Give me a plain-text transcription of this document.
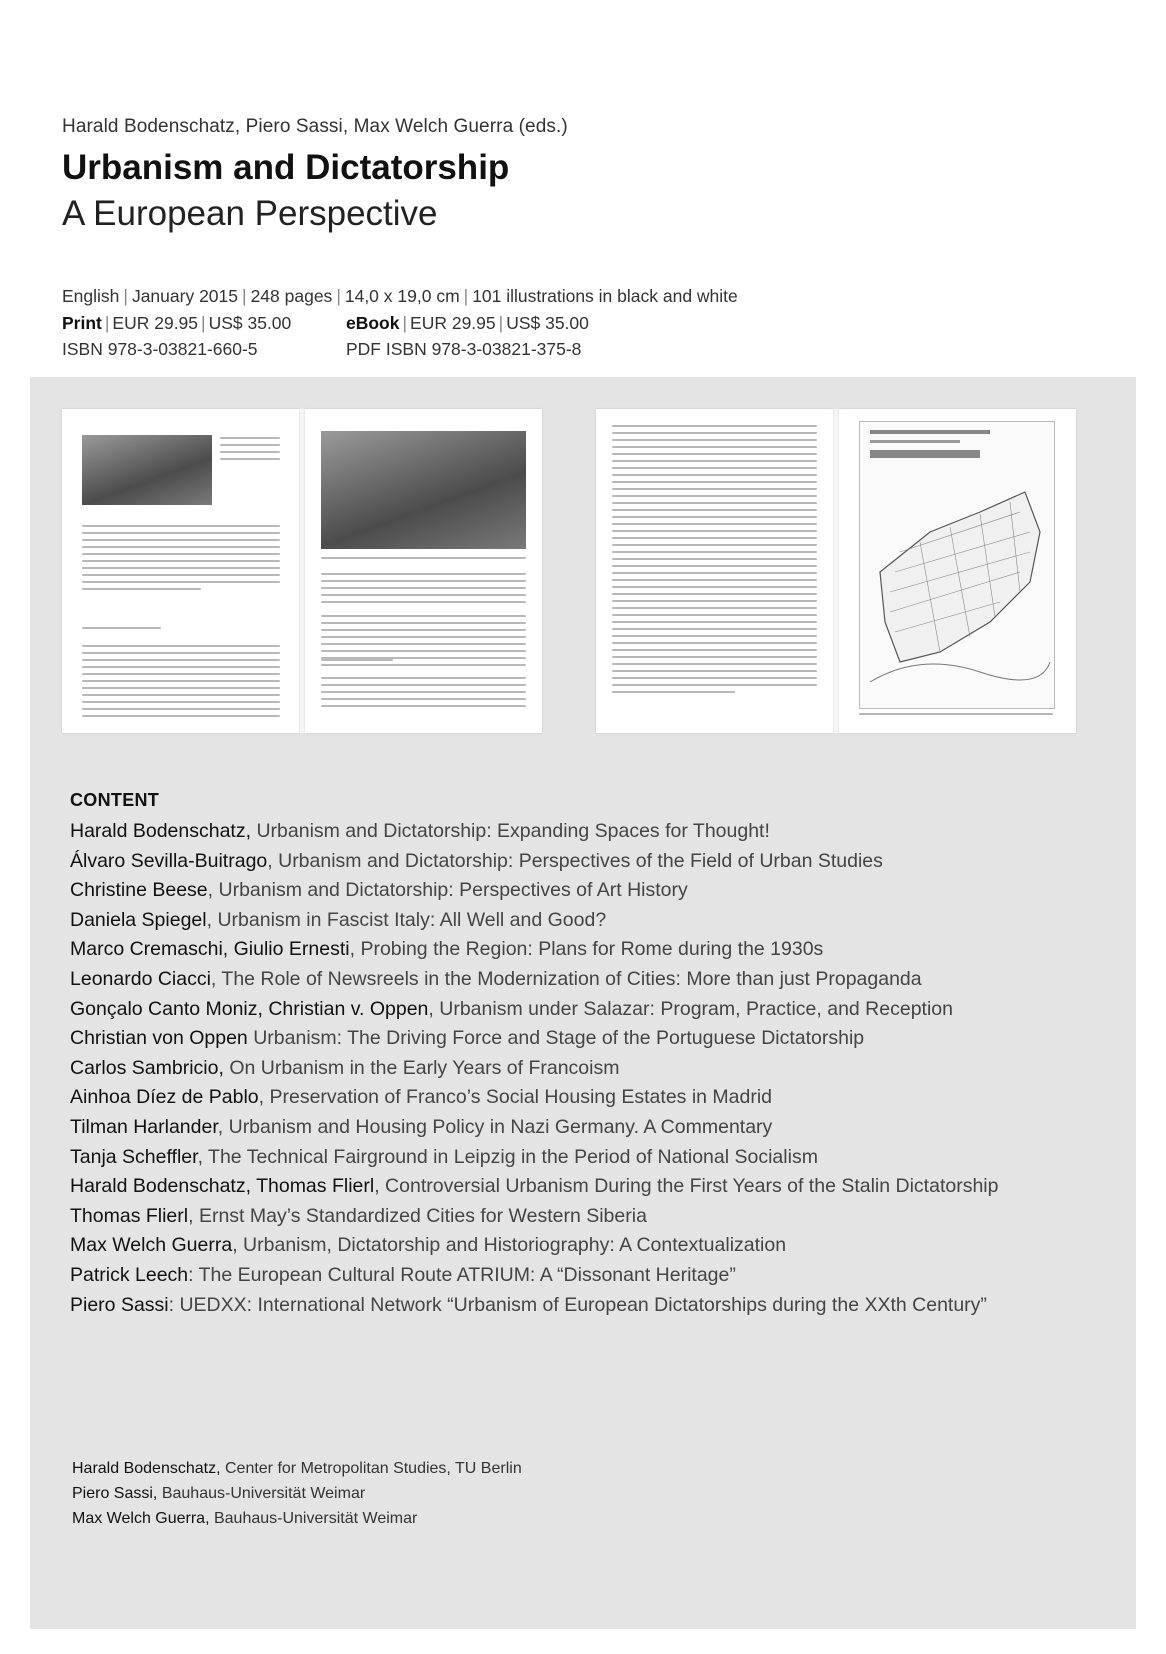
Harald Bodenschatz, Piero Sassi, Max Welch Guerra (eds.)
Urbanism and Dictatorship
A European Perspective
English | January 2015 | 248 pages | 14,0 x 19,0 cm | 101 illustrations in black and white
Print | EUR 29.95 | US$ 35.00
ISBN 978-3-03821-660-5
eBook | EUR 29.95 | US$ 35.00
PDF ISBN 978-3-03821-375-8
CONTENT
Harald Bodenschatz, Urbanism and Dictatorship: Expanding Spaces for Thought!
Álvaro Sevilla-Buitrago, Urbanism and Dictatorship: Perspectives of the Field of Urban Studies
Christine Beese, Urbanism and Dictatorship: Perspectives of Art History
Daniela Spiegel, Urbanism in Fascist Italy: All Well and Good?
Marco Cremaschi, Giulio Ernesti, Probing the Region: Plans for Rome during the 1930s
Leonardo Ciacci, The Role of Newsreels in the Modernization of Cities: More than just Propaganda
Gonçalo Canto Moniz, Christian v. Oppen, Urbanism under Salazar: Program, Practice, and Reception
Christian von Oppen Urbanism: The Driving Force and Stage of the Portuguese Dictatorship
Carlos Sambricio, On Urbanism in the Early Years of Francoism
Ainhoa Díez de Pablo, Preservation of Franco’s Social Housing Estates in Madrid
Tilman Harlander, Urbanism and Housing Policy in Nazi Germany. A Commentary
Tanja Scheffler, The Technical Fairground in Leipzig in the Period of National Socialism
Harald Bodenschatz, Thomas Flierl, Controversial Urbanism During the First Years of the Stalin Dictatorship
Thomas Flierl, Ernst May’s Standardized Cities for Western Siberia
Max Welch Guerra, Urbanism, Dictatorship and Historiography: A Contextualization
Patrick Leech: The European Cultural Route ATRIUM: A “Dissonant Heritage”
Piero Sassi: UEDXX: International Network “Urbanism of European Dictatorships during the XXth Century”
Harald Bodenschatz, Center for Metropolitan Studies, TU Berlin
Piero Sassi, Bauhaus-Universität Weimar
Max Welch Guerra, Bauhaus-Universität Weimar
